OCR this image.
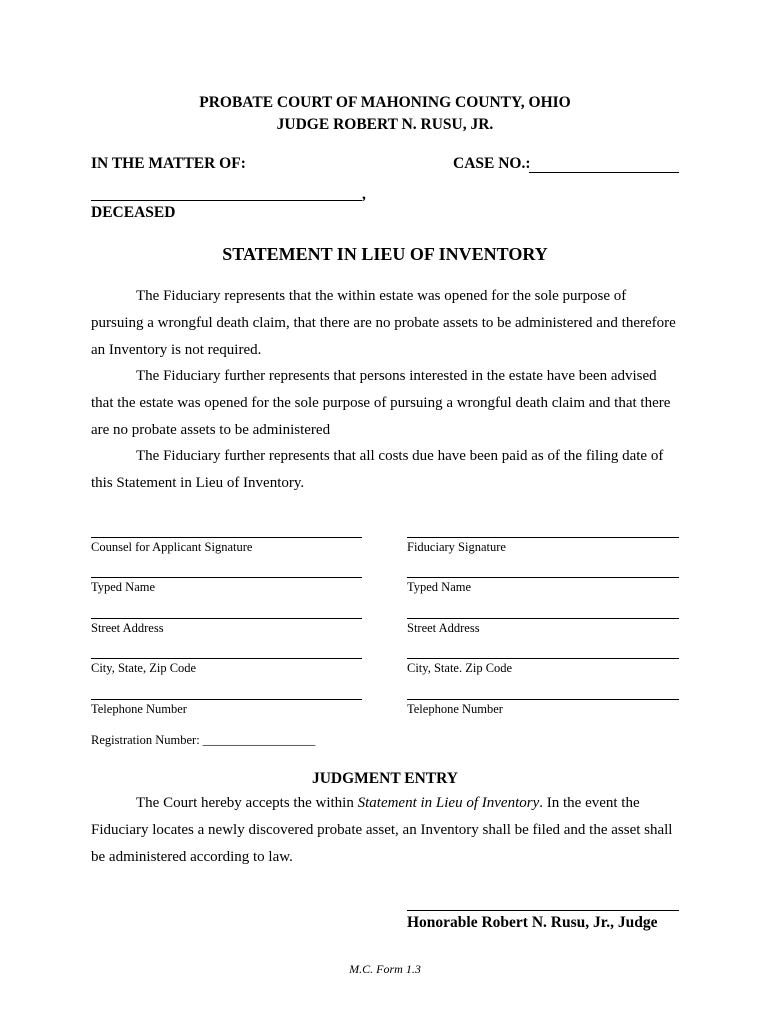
PROBATE COURT OF MAHONING COUNTY, OHIO
JUDGE ROBERT N. RUSU, JR.
IN THE MATTER OF:	CASE NO.:
,
DECEASED
STATEMENT IN LIEU OF INVENTORY
The Fiduciary represents that the within estate was opened for the sole purpose of
pursuing a wrongful death claim, that there are no probate assets to be administered and therefore
an Inventory is not required.
The Fiduciary further represents that persons interested in the estate have been advised
that the estate was opened for the sole purpose of pursuing a wrongful death claim and that there
are no probate assets to be administered
The Fiduciary further represents that all costs due have been paid as of the filing date of
this Statement in Lieu of Inventory.
Counsel for Applicant Signature
Typed Name
Street Address
City, State, Zip Code
Telephone Number
Registration Number: __________________
Fiduciary Signature
Typed Name
Street Address
City, State. Zip Code
Telephone Number
JUDGMENT ENTRY
The Court hereby accepts the within Statement in Lieu of Inventory. In the event the
Fiduciary locates a newly discovered probate asset, an Inventory shall be filed and the asset shall
be administered according to law.
Honorable Robert N. Rusu, Jr., Judge
M.C. Form 1.3
